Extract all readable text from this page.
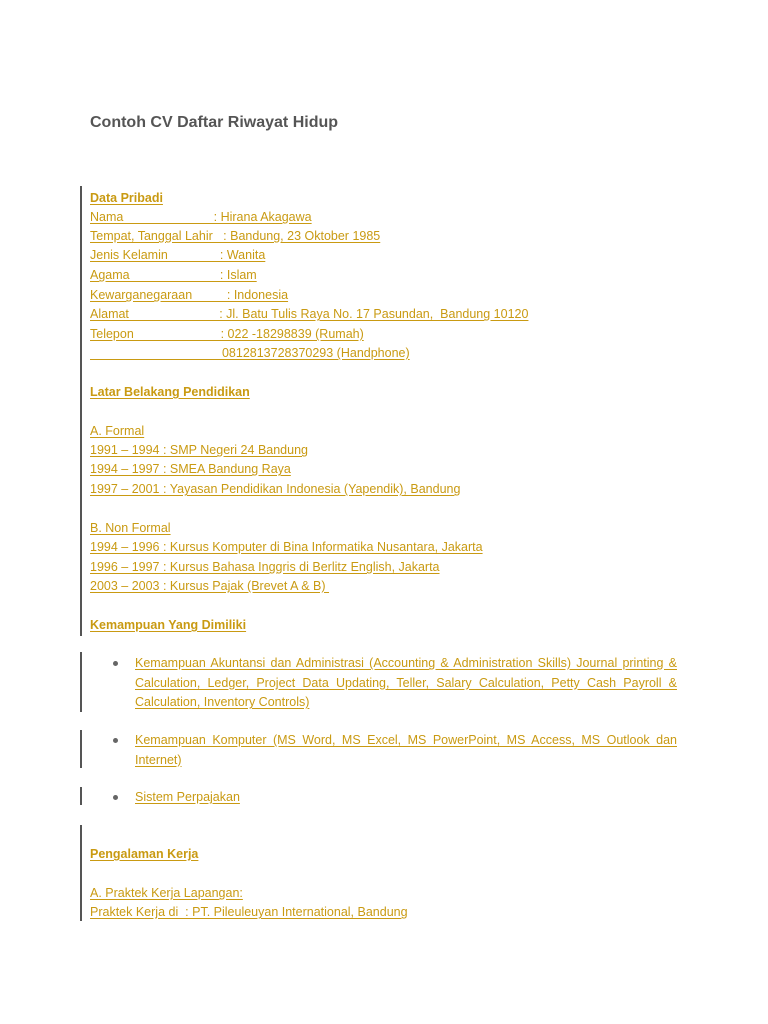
Contoh CV Daftar Riwayat Hidup
Data Pribadi
Nama                          : Hirana Akagawa
Tempat, Tanggal Lahir   : Bandung, 23 Oktober 1985
Jenis Kelamin               : Wanita
Agama                          : Islam
Kewarganegaraan          : Indonesia
Alamat                          : Jl. Batu Tulis Raya No. 17 Pasundan,  Bandung 10120
Telepon                         : 022 -18298839 (Rumah)
0812813728370293 (Handphone)
Latar Belakang Pendidikan
A. Formal
1991 – 1994 : SMP Negeri 24 Bandung
1994 – 1997 : SMEA Bandung Raya
1997 – 2001 : Yayasan Pendidikan Indonesia (Yapendik), Bandung
B. Non Formal
1994 – 1996 : Kursus Komputer di Bina Informatika Nusantara, Jakarta
1996 – 1997 : Kursus Bahasa Inggris di Berlitz English, Jakarta
2003 – 2003 : Kursus Pajak (Brevet A & B)
Kemampuan Yang Dimiliki
Kemampuan Akuntansi dan Administrasi (Accounting & Administration Skills) Journal printing & Calculation, Ledger, Project Data Updating, Teller, Salary Calculation, Petty Cash Payroll & Calculation, Inventory Controls)
Kemampuan Komputer (MS Word, MS Excel, MS PowerPoint, MS Access, MS Outlook dan Internet)
Sistem Perpajakan
Pengalaman Kerja
A. Praktek Kerja Lapangan:
Praktek Kerja di  : PT. Pileuleuyan International, Bandung
